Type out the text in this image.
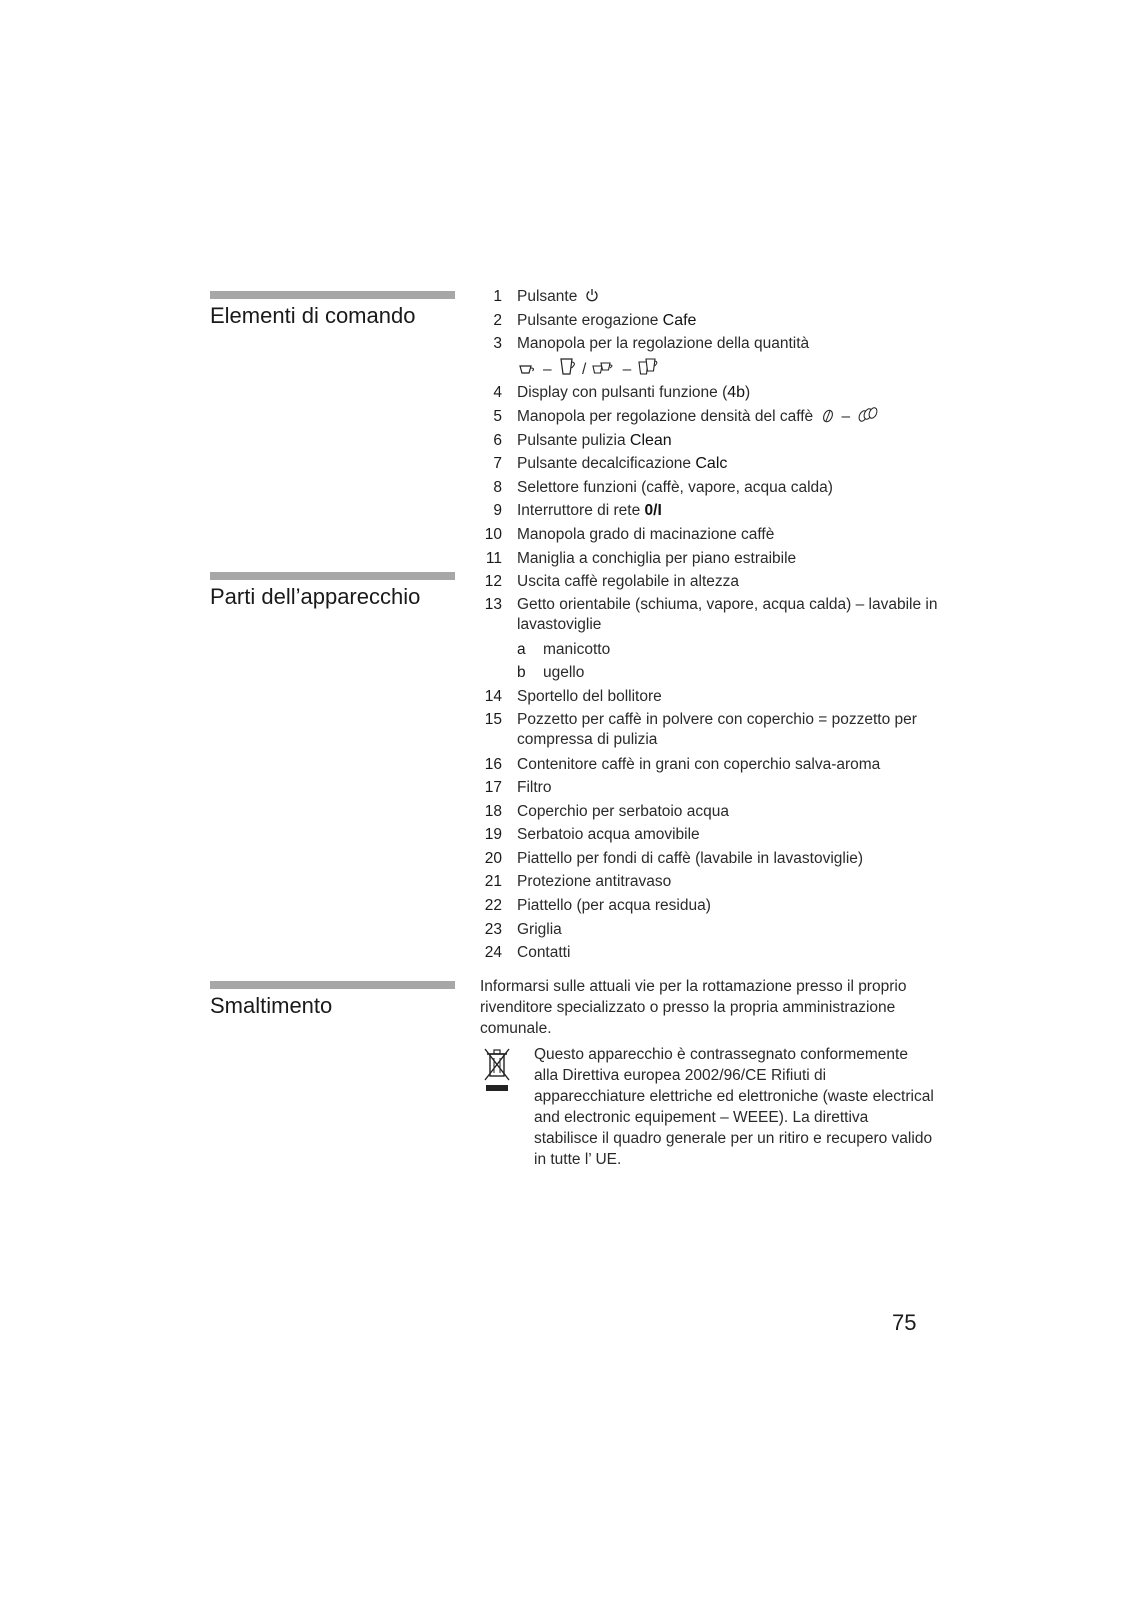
Elementi di comando
Parti dell’apparecchio
Smaltimento
1 Pulsante
2 Pulsante erogazione Cafe
3 Manopola per la regolazione della quantità
– / –
4 Display con pulsanti funzione (4b)
5 Manopola per regolazione densità del caffè –
6 Pulsante pulizia Clean
7 Pulsante decalcificazione Calc
8 Selettore funzioni (caffè, vapore, acqua calda)
9 Interruttore di rete 0/I
10 Manopola grado di macinazione caffè
11 Maniglia a conchiglia per piano estraibile
12 Uscita caffè regolabile in altezza
13 Getto orientabile (schiuma, vapore, acqua calda) – lavabile in lavastoviglie
a	manicotto
b	ugello
14 Sportello del bollitore
15 Pozzetto per caffè in polvere con coperchio = pozzetto per compressa di pulizia
16 Contenitore caffè in grani con coperchio salva-aroma
17 Filtro
18 Coperchio per serbatoio acqua
19 Serbatoio acqua amovibile
20 Piattello per fondi di caffè (lavabile in lavastoviglie)
21 Protezione antitravaso
22 Piattello (per acqua residua)
23 Griglia
24 Contatti
Informarsi sulle attuali vie per la rottamazione presso il proprio rivenditore specializzato o presso la propria amministrazione comunale.
Questo apparecchio è contrassegnato conformemente alla Direttiva europea 2002/96/CE Rifiuti di apparecchiature elettriche ed elettroniche (waste electrical and electronic equipement – WEEE). La direttiva stabilisce il quadro generale per un ritiro e recupero valido in tutte l’ UE.
75
